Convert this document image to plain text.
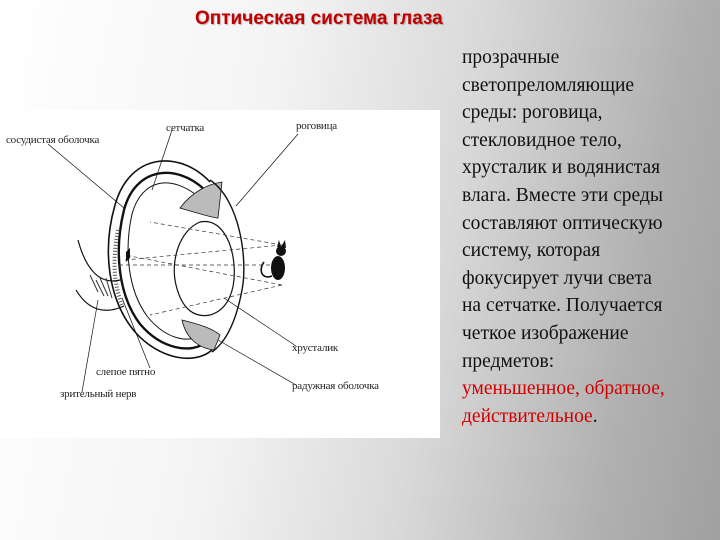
Оптическая система глаза
сосудистая оболочка
сетчатка	роговица
хрусталик
слепое пятно
зрительный нерв
радужная оболочка
прозрачные
светопреломляющие
среды: роговица,
стекловидное тело,
хрусталик и водянистая
влага. Вместе эти среды
составляют оптическую
систему, которая
фокусирует лучи света
на сетчатке. Получается
четкое изображение
предметов:
уменьшенное, обратное,
действительное.
